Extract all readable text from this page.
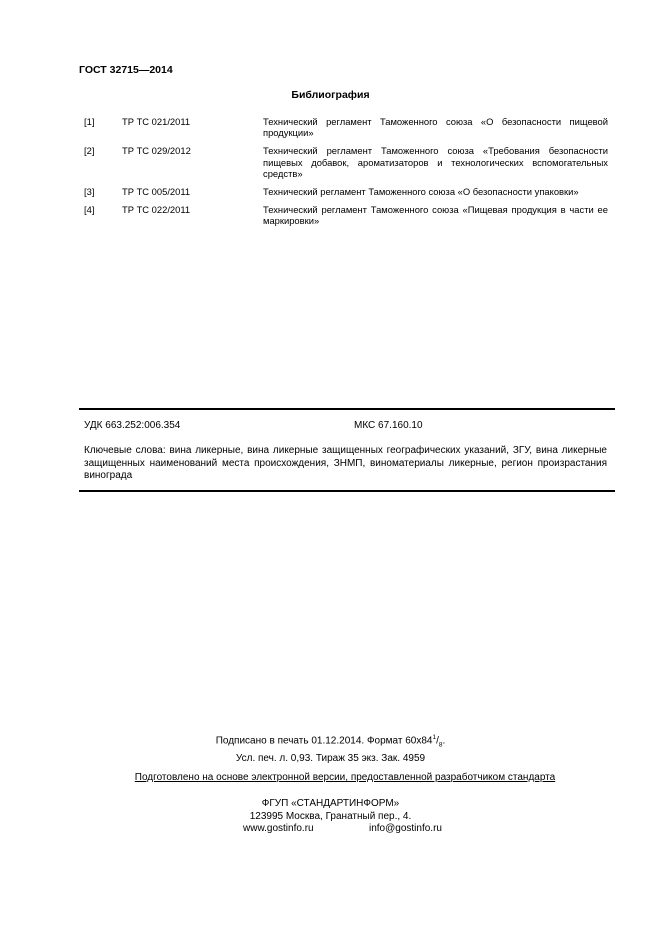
ГОСТ 32715—2014
Библиография
[1]	ТР ТС 021/2011	Технический регламент Таможенного союза «О безопасности пищевой продукции»
[2]	ТР ТС 029/2012	Технический регламент Таможенного союза «Требования безопасности пищевых добавок, ароматизаторов и технологических вспомогательных средств»
[3]	ТР ТС 005/2011	Технический регламент Таможенного союза «О безопасности упаковки»
[4]	ТР ТС 022/2011	Технический регламент Таможенного союза «Пищевая продукция в части ее маркировки»
УДК 663.252:006.354	МКС 67.160.10
Ключевые слова: вина ликерные, вина ликерные защищенных географических указаний, ЗГУ, вина ликерные защищенных наименований места происхождения, ЗНМП, виноматериалы ликерные, регион произрастания винограда
Подписано в печать 01.12.2014. Формат $60x84^1/_8$.
Усл. печ. л. 0,93. Тираж 35 экз. Зак. 4959
Подготовлено на основе электронной версии, предоставленной разработчиком стандарта
ФГУП «СТАНДАРТИНФОРМ»
123995 Москва, Гранатный пер., 4.
www.gostinfo.ru	info@gostinfo.ru
